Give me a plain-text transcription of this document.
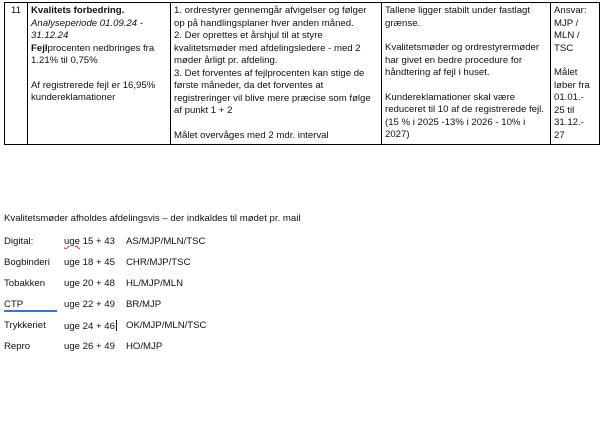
11	Kvalitets forbedring.
Analyseperiode 01.09.24 - 31.12.24
Fejlprocenten nedbringes fra 1.21% til 0,75%
Af registrerede fejl er 16,95% kundereklamationer

1. ordrestyrer gennemgår afvigelser og følger op på handlingsplaner hver anden måned.
2. Der oprettes et årshjul til at styre kvalitetsmøder med afdelingsledere - med 2 møder årligt pr. afdeling.
3. Det forventes af fejlprocenten kan stige de første måneder, da det forventes at registreringer vil blive mere præcise som følge af punkt 1 + 2
Målet overvåges med 2 mdr. interval

Tallene ligger stabilt under fastlagt grænse.
Kvalitetsmøder og ordrestyrermøder har givet en bedre procedure for håndtering af fejl i huset.
Kundereklamationer skal være reduceret til 10 af de registrerede fejl.
(15 % i 2025 -13% i 2026 - 10% i 2027)

Ansvar:
MJP / MLN / TSC
Målet løber fra 01.01.- 25 til 31.12.- 27
Kvalitetsmøder afholdes afdelingsvis – der indkaldes til mødet pr. mail
Digital:	uge 15 + 43 AS/MJP/MLN/TSC
Bogbinderi uge 18 + 45 CHR/MJP/TSC
Tobakken uge 20 + 48 HL/MJP/MLN
CTP	uge 22 + 49 BR/MJP
Trykkeriet uge 24 + 46 OK/MJP/MLN/TSC
Repro	uge 26 + 49 HO/MJP
